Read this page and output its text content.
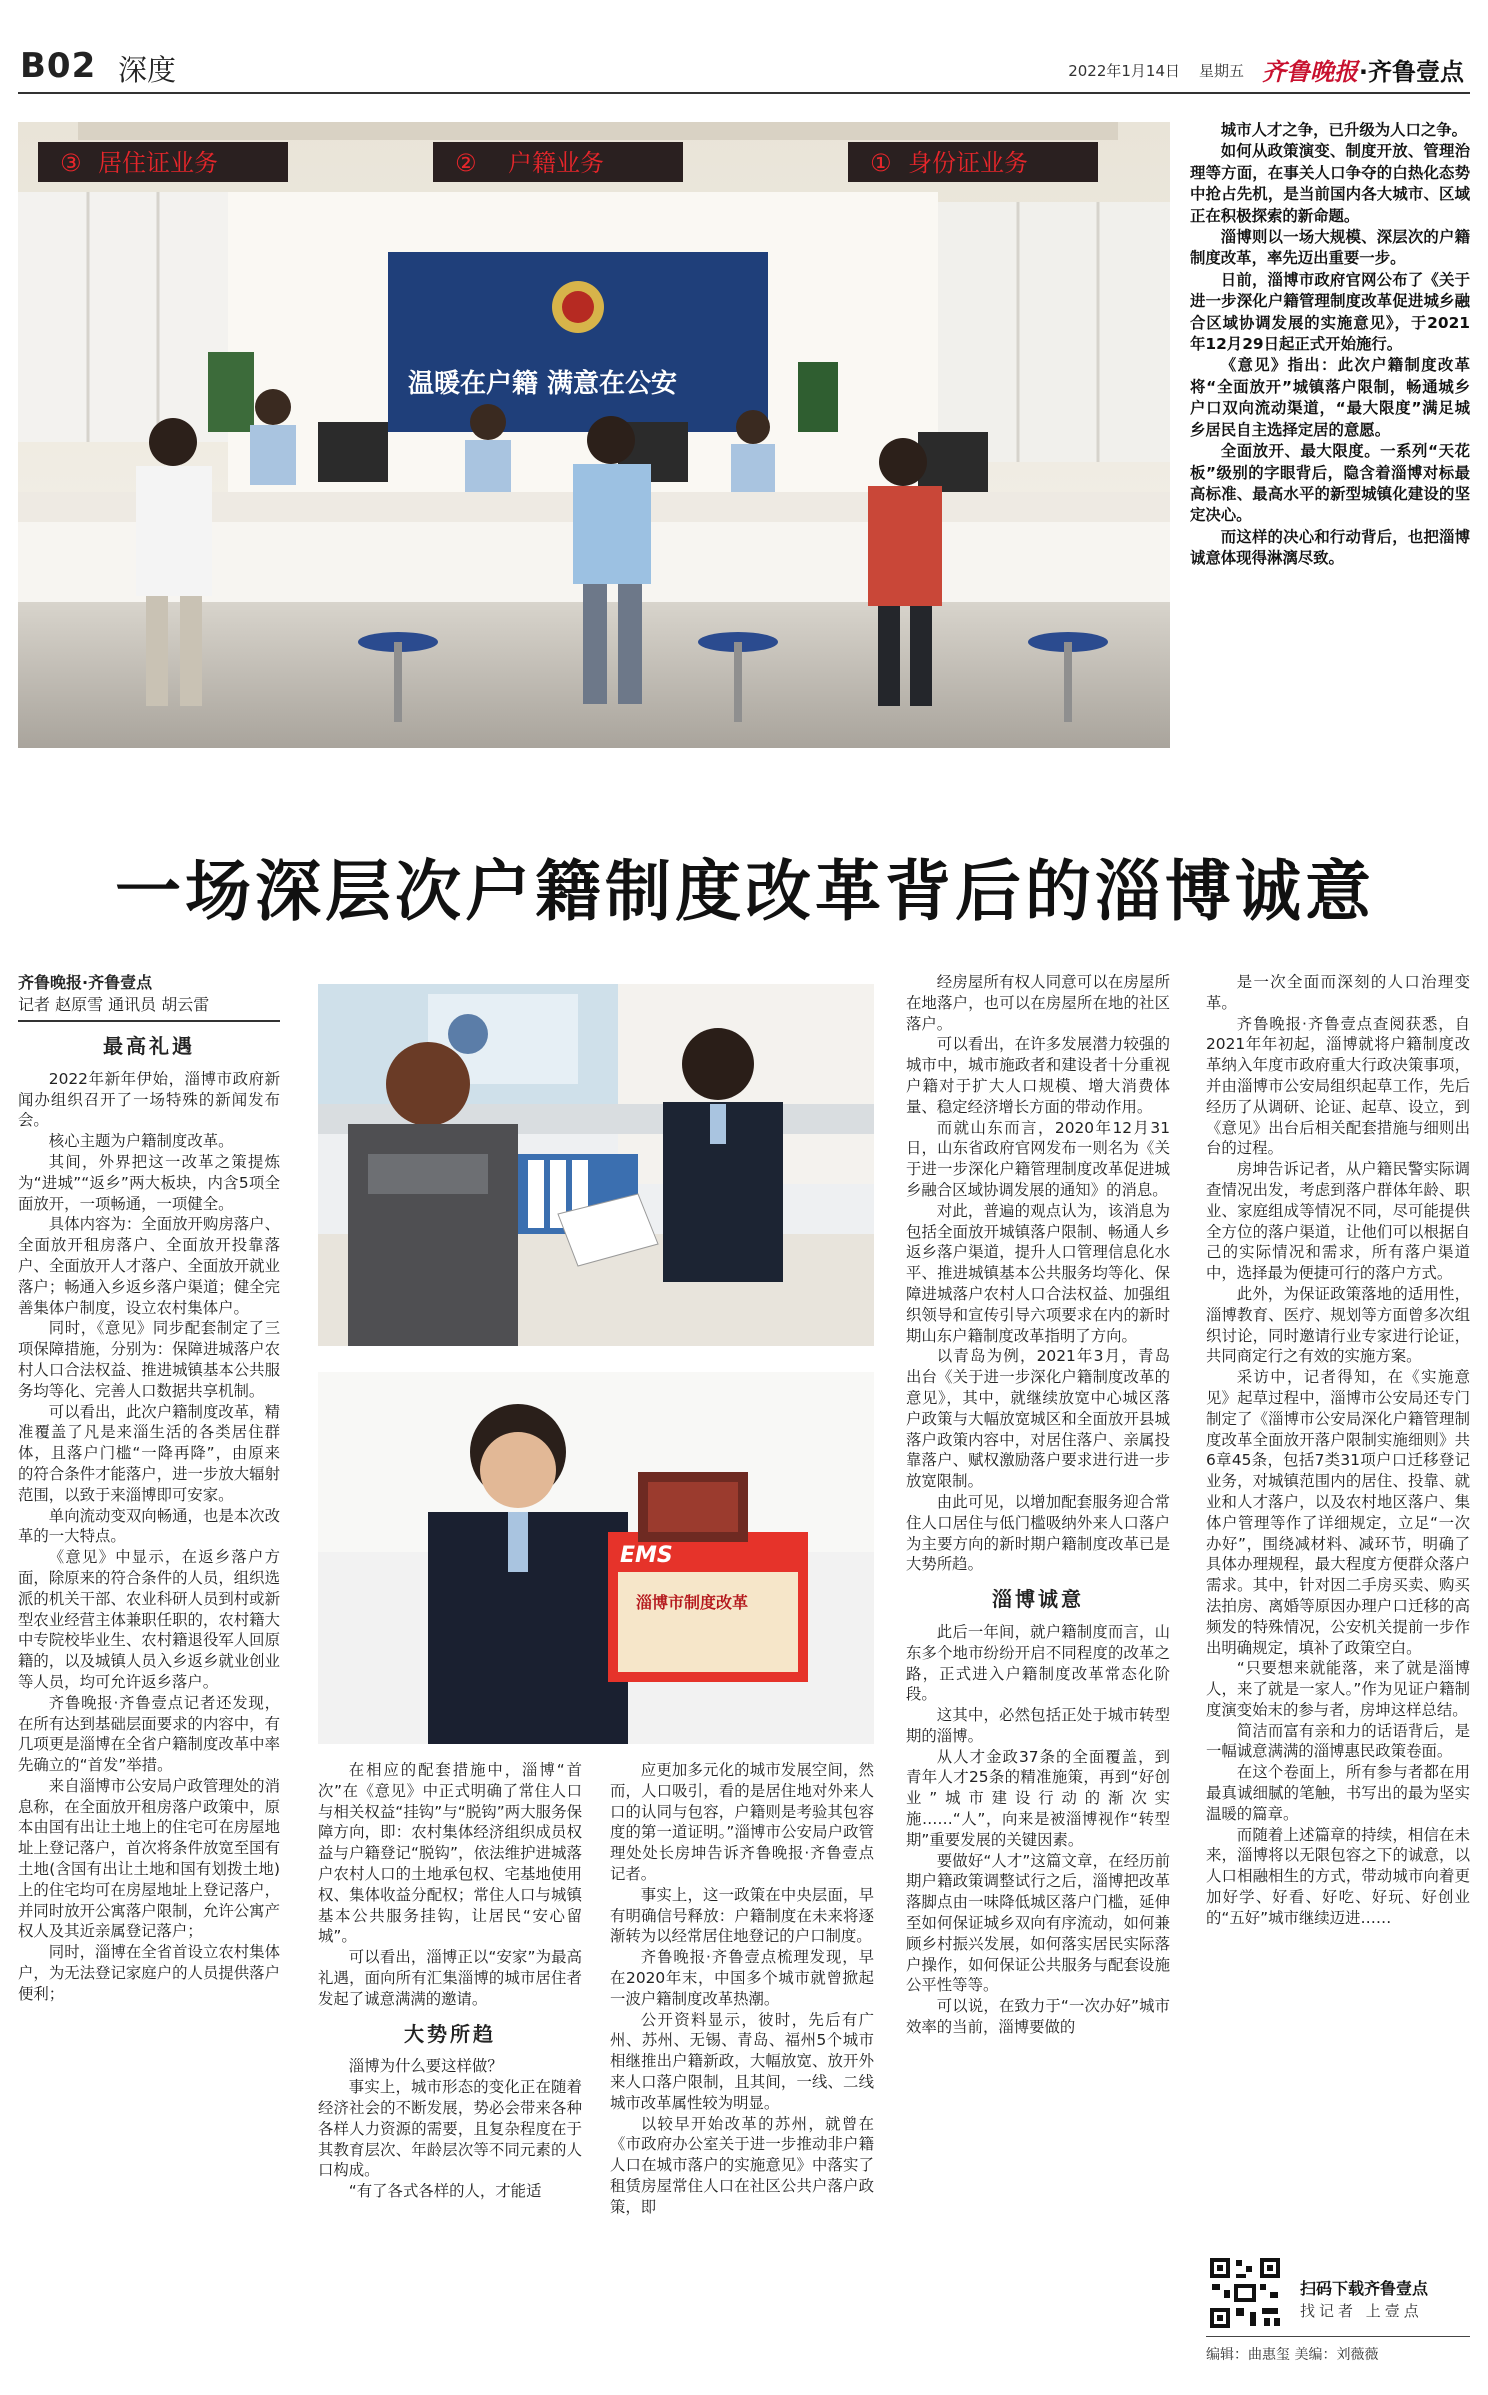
B02 深度	2022年1月14日 星期五 齐鲁晚报 ·齐鲁壹点
③ 居住证业务	② 户籍业务	① 身份证业务
温暖在户籍 满意在公安

城市人才之争，已升级为人口之争。

如何从政策演变、制度开放、管理治理等方面，在事关人口争夺的白热化态势中抢占先机，是当前国内各大城市、区域正在积极探索的新命题。

淄博则以一场大规模、深层次的户籍制度改革，率先迈出重要一步。

日前，淄博市政府官网公布了《关于进一步深化户籍管理制度改革促进城乡融合区域协调发展的实施意见》，于2021年12月29日起正式开始施行。

《意见》指出：此次户籍制度改革将“全面放开”城镇落户限制，畅通城乡户口双向流动渠道，“最大限度”满足城乡居民自主选择定居的意愿。

全面放开、最大限度。一系列“天花板”级别的字眼背后，隐含着淄博对标最高标准、最高水平的新型城镇化建设的坚定决心。

而这样的决心和行动背后，也把淄博诚意体现得淋漓尽致。

一场深层次户籍制度改革背后的淄博诚意
齐鲁晚报·齐鲁壹点
记者 赵原雪 通讯员 胡云雷
最高礼遇

2022年新年伊始，淄博市政府新闻办组织召开了一场特殊的新闻发布会。

核心主题为户籍制度改革。

其间，外界把这一改革之策提炼为“进城”“返乡”两大板块，内含5项全面放开，一项畅通，一项健全。

具体内容为：全面放开购房落户、全面放开租房落户、全面放开投靠落户、全面放开人才落户、全面放开就业落户；畅通入乡返乡落户渠道；健全完善集体户制度，设立农村集体户。

同时，《意见》同步配套制定了三项保障措施，分别为：保障进城落户农村人口合法权益、推进城镇基本公共服务均等化、完善人口数据共享机制。

可以看出，此次户籍制度改革，精准覆盖了凡是来淄生活的各类居住群体，且落户门槛“一降再降”，由原来的符合条件才能落户，进一步放大辐射范围，以致于来淄博即可安家。

单向流动变双向畅通，也是本次改革的一大特点。

《意见》中显示，在返乡落户方面，除原来的符合条件的人员，组织选派的机关干部、农业科研人员到村或新型农业经营主体兼职任职的，农村籍大中专院校毕业生、农村籍退役军人回原籍的，以及城镇人员入乡返乡就业创业等人员，均可允许返乡落户。

齐鲁晚报·齐鲁壹点记者还发现，在所有达到基础层面要求的内容中，有几项更是淄博在全省户籍制度改革中率先确立的“首发”举措。

来自淄博市公安局户政管理处的消息称，在全面放开租房落户政策中，原本由国有出让土地上的住宅可在房屋地址上登记落户，首次将条件放宽至国有土地(含国有出让土地和国有划拨土地)上的住宅均可在房屋地址上登记落户，并同时放开公寓落户限制，允许公寓产权人及其近亲属登记落户；

同时，淄博在全省首设立农村集体户，为无法登记家庭户的人员提供落户便利；

EMS
淄博市制度改革

在相应的配套措施中，淄博“首次”在《意见》中正式明确了常住人口与相关权益“挂钩”与“脱钩”两大服务保障方向，即：农村集体经济组织成员权益与户籍登记“脱钩”，依法维护进城落户农村人口的土地承包权、宅基地使用权、集体收益分配权；常住人口与城镇基本公共服务挂钩，让居民“安心留城”。

可以看出，淄博正以“安家”为最高礼遇，面向所有汇集淄博的城市居住者发起了诚意满满的邀请。

大势所趋

淄博为什么要这样做？

事实上，城市形态的变化正在随着经济社会的不断发展，势必会带来各种各样人力资源的需要，且复杂程度在于其教育层次、年龄层次等不同元素的人口构成。

“有了各式各样的人，才能适

应更加多元化的城市发展空间，然而，人口吸引，看的是居住地对外来人口的认同与包容，户籍则是考验其包容度的第一道证明。”淄博市公安局户政管理处处长房坤告诉齐鲁晚报·齐鲁壹点记者。

事实上，这一政策在中央层面，早有明确信号释放：户籍制度在未来将逐渐转为以经常居住地登记的户口制度。

齐鲁晚报·齐鲁壹点梳理发现，早在2020年末，中国多个城市就曾掀起一波户籍制度改革热潮。

公开资料显示，彼时，先后有广州、苏州、无锡、青岛、福州5个城市相继推出户籍新政，大幅放宽、放开外来人口落户限制，且其间，一线、二线城市改革属性较为明显。

以较早开始改革的苏州，就曾在《市政府办公室关于进一步推动非户籍人口在城市落户的实施意见》中落实了租赁房屋常住人口在社区公共户落户政策，即

经房屋所有权人同意可以在房屋所在地落户，也可以在房屋所在地的社区落户。

可以看出，在许多发展潜力较强的城市中，城市施政者和建设者十分重视户籍对于扩大人口规模、增大消费体量、稳定经济增长方面的带动作用。

而就山东而言，2020年12月31日，山东省政府官网发布一则名为《关于进一步深化户籍管理制度改革促进城乡融合区域协调发展的通知》的消息。

对此，普遍的观点认为，该消息为包括全面放开城镇落户限制、畅通人乡返乡落户渠道，提升人口管理信息化水平、推进城镇基本公共服务均等化、保障进城落户农村人口合法权益、加强组织领导和宣传引导六项要求在内的新时期山东户籍制度改革指明了方向。

以青岛为例，2021年3月，青岛出台《关于进一步深化户籍制度改革的意见》，其中，就继续放宽中心城区落户政策与大幅放宽城区和全面放开县城落户政策内容中，对居住落户、亲属投靠落户、赋权激励落户要求进行进一步放宽限制。

由此可见，以增加配套服务迎合常住人口居住与低门槛吸纳外来人口落户为主要方向的新时期户籍制度改革已是大势所趋。

淄博诚意

此后一年间，就户籍制度而言，山东多个地市纷纷开启不同程度的改革之路，正式进入户籍制度改革常态化阶段。

这其中，必然包括正处于城市转型期的淄博。

从人才金政37条的全面覆盖，到青年人才25条的精准施策，再到“好创业”城市建设行动的渐次实施……“人”，向来是被淄博视作“转型期”重要发展的关键因素。

要做好“人才”这篇文章，在经历前期户籍政策调整试行之后，淄博把改革落脚点由一味降低城区落户门槛，延伸至如何保证城乡双向有序流动，如何兼顾乡村振兴发展，如何落实居民实际落户操作，如何保证公共服务与配套设施公平性等等。

可以说，在致力于“一次办好”城市效率的当前，淄博要做的

是一次全面而深刻的人口治理变革。

齐鲁晚报·齐鲁壹点查阅获悉，自2021年年初起，淄博就将户籍制度改革纳入年度市政府重大行政决策事项，并由淄博市公安局组织起草工作，先后经历了从调研、论证、起草、设立，到《意见》出台后相关配套措施与细则出台的过程。

房坤告诉记者，从户籍民警实际调查情况出发，考虑到落户群体年龄、职业、家庭组成等情况不同，尽可能提供全方位的落户渠道，让他们可以根据自己的实际情况和需求，所有落户渠道中，选择最为便捷可行的落户方式。

此外，为保证政策落地的适用性，淄博教育、医疗、规划等方面曾多次组织讨论，同时邀请行业专家进行论证，共同商定行之有效的实施方案。

采访中，记者得知，在《实施意见》起草过程中，淄博市公安局还专门制定了《淄博市公安局深化户籍管理制度改革全面放开落户限制实施细则》共6章45条，包括7类31项户口迁移登记业务，对城镇范围内的居住、投靠、就业和人才落户，以及农村地区落户、集体户管理等作了详细规定，立足“一次办好”，围绕减材料、减环节，明确了具体办理规程，最大程度方便群众落户需求。其中，针对因二手房买卖、购买法拍房、离婚等原因办理户口迁移的高频发的特殊情况，公安机关提前一步作出明确规定，填补了政策空白。

“只要想来就能落，来了就是淄博人，来了就是一家人。”作为见证户籍制度演变始末的参与者，房坤这样总结。

简洁而富有亲和力的话语背后，是一幅诚意满满的淄博惠民政策卷面。

在这个卷面上，所有参与者都在用最真诚细腻的笔触，书写出的最为坚实温暖的篇章。

而随着上述篇章的持续，相信在未来，淄博将以无限包容之下的诚意，以人口相融相生的方式，带动城市向着更加好学、好看、好吃、好玩、好创业的“五好”城市继续迈进……

扫码下载齐鲁壹点
找记者 上壹点
编辑：曲惠玺 美编：刘薇薇
